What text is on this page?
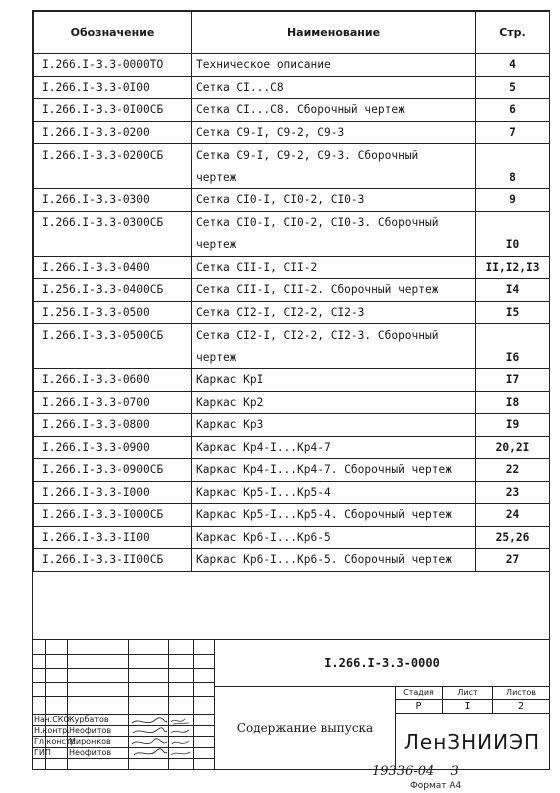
Обозначение	Наименование	Стр.
I.266.I-3.3-0000ТО	Техническое описание	4
I.266.I-3.3-0I00	Сетка СI...С8	5
I.266.I-3.3-0I00СБ	Сетка СI...С8. Сборочный чертеж	6
I.266.I-3.3-0200	Сетка С9-I, С9-2, С9-3	7
I.266.I-3.3-0200СБ	Сетка С9-I, С9-2, С9-3. Сборочный	
	чертеж	8
I.266.I-3.3-0300	Сетка СI0-I, СI0-2, СI0-3	9
I.266.I-3.3-0300СБ	Сетка СI0-I, СI0-2, СI0-3. Сборочный	
	чертеж	I0
I.266.I-3.3-0400	Сетка СII-I, СII-2	II,I2,I3
I.256.I-3.3-0400СБ	Сетка СII-I, СII-2. Сборочный чертеж	I4
I.256.I-3.3-0500	Сетка СI2-I, СI2-2, СI2-3	I5
I.266.I-3.3-0500СБ	Сетка СI2-I, СI2-2, СI2-3. Сборочный	
	чертеж	I6
I.266.I-3.3-0600	Каркас КрI	I7
I.266.I-3.3-0700	Каркас Кр2	I8
I.266.I-3.3-0800	Каркас Кр3	I9
I.266.I-3.3-0900	Каркас Кр4-I...Кр4-7	20,2I
I.266.I-3.3-0900СБ	Каркас Кр4-I...Кр4-7. Сборочный чертеж	22
I.266.I-3.3-I000	Каркас Кр5-I...Кр5-4	23
I.266.I-3.3-I000СБ	Каркас Кр5-I...Кр5-4. Сборочный чертеж	24
I.266.I-3.3-II00	Каркас Кр6-I...Кр6-5	25,26
I.266.I-3.3-II00СБ	Каркас Кр6-I...Кр6-5. Сборочный чертеж	27
Нач.СКО Курбатов
Н.контр. Неофитов
Гл.констр.
Миронков
ГИП Неофитов
I.266.I-3.3-0000
Содержание выпуска
Стадия	Лист	Листов
Р	I	2
ЛенЗНИИЭП
19336-04 3
Формат А4
